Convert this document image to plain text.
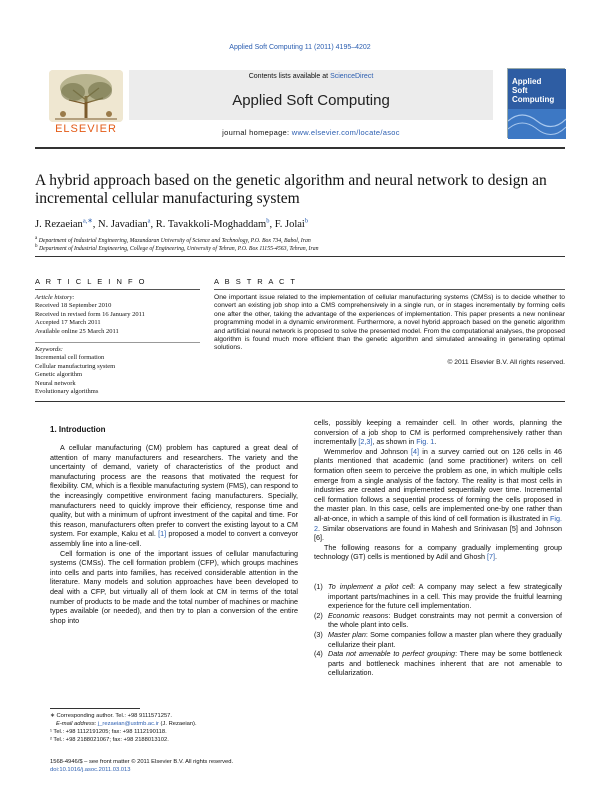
Applied Soft Computing 11 (2011) 4195–4202
ELSEVIER
Contents lists available at ScienceDirect
Applied Soft Computing
journal homepage: www.elsevier.com/locate/asoc
Applied Soft Computing
A hybrid approach based on the genetic algorithm and neural network to design an incremental cellular manufacturing system
J. Rezaeian$^{a,∗}$, N. Javadian$^a$, R. Tavakkoli-Moghaddam$^b$, F. Jolai$^b$
$^a$ Department of Industrial Engineering, Mazandaran University of Science and Technology, P.O. Box 734, Babol, Iran
$^b$ Department of Industrial Engineering, College of Engineering, University of Tehran, P.O. Box 11155-4563, Tehran, Iran
A R T I C L E I N F O	A B S T R A C T
Article history:
Received 18 September 2010
Received in revised form 16 January 2011
Accepted 17 March 2011
Available online 25 March 2011
Keywords:
Incremental cell formation
Cellular manufacturing system
Genetic algorithm
Neural network
Evolutionary algorithms
One important issue related to the implementation of cellular manufacturing systems (CMSs) is to decide whether to convert an existing job shop into a CMS comprehensively in a single run, or in stages incrementally by forming cells one after the other, taking the advantage of the experiences of implementation. This paper presents a new nonlinear programming model in a dynamic environment. Furthermore, a novel hybrid approach based on the genetic algorithm and artificial neural network is proposed to solve the presented model. From the computational analyses, the proposed algorithm is found much more efficient than the genetic algorithm and simulated annealing in generating optimal solutions.
© 2011 Elsevier B.V. All rights reserved.
1. Introduction

A cellular manufacturing (CM) problem has captured a great deal of attention of many manufacturers and researchers. The variety and the uncertainty of demand, variety of characteristics of the product and manufacturing process are the reasons that motivated the request for flexibility. CM, which is a flexible manufacturing system (FMS), can respond to the increasingly competitive environment facing manufacturers. Specially, manufacturers need to quickly improve their efficiency, response time and quality, but with a minimum of upfront investment of the capital and time. For this reason, manufacturers often prefer to convert the existing layout to a CM system. For example, Kaku et al. [1] proposed a model to convert a conveyor assembly line into a line-cell.

Cell formation is one of the important issues of cellular manufacturing systems (CMSs). The cell formation problem (CFP), which groups machines into cells and parts into families, has received considerable attention in the literature. Many models and solution approaches have been developed to deal with a CFP, but virtually all of them look at CM in terms of the total number of products to be made and the total number of machines or machine types available (or needed), and then try to plan a conversion of the entire shop into

cells, possibly keeping a remainder cell. In other words, planning the conversion of a job shop to CM is performed comprehensively rather than incrementally [2,3], as shown in Fig. 1.

Wemmerlov and Johnson [4] in a survey carried out on 126 cells in 46 plants mentioned that academic (and some practitioner) writers on cell formation often seem to perceive the problem as one, in which multiple cells emerge from a single analysis of the factory. The reality is that most cells in industries are created and implemented sequentially over time. Incremental cell formation follows a sequential process of forming the cells proposed in the master plan. In this case, cells are implemented one-by one rather than all-at-once, in which a sample of this kind of cell formation is illustrated in Fig. 2. Similar observations are found in Mahesh and Srinivasan [5] and Johnson [6].

The following reasons for a company gradually implementing group technology (GT) cells is mentioned by Adil and Ghosh [7].

(1) To implement a pilot cell: A company may select a few strategically important parts/machines in a cell. This may provide the fruitful learning experience for the future cell implementation.
(2) Economic reasons: Budget constraints may not permit a conversion of the whole plant into cells.
(3) Master plan: Some companies follow a master plan where they gradually cellularize their plant.
(4) Data not amenable to perfect grouping: There may be some bottleneck parts and bottleneck machines inherent that are not amenable to cellularization.
∗ Corresponding author. Tel.: +98 9111571257.
E-mail address: j_rezaeian@ustmb.ac.ir (J. Rezaeian).
¹ Tel.: +98 1112191205; fax: +98 1112190118.
² Tel.: +98 2188021067; fax: +98 2188013102.
1568-4946/$ – see front matter © 2011 Elsevier B.V. All rights reserved.
doi:10.1016/j.asoc.2011.03.013
